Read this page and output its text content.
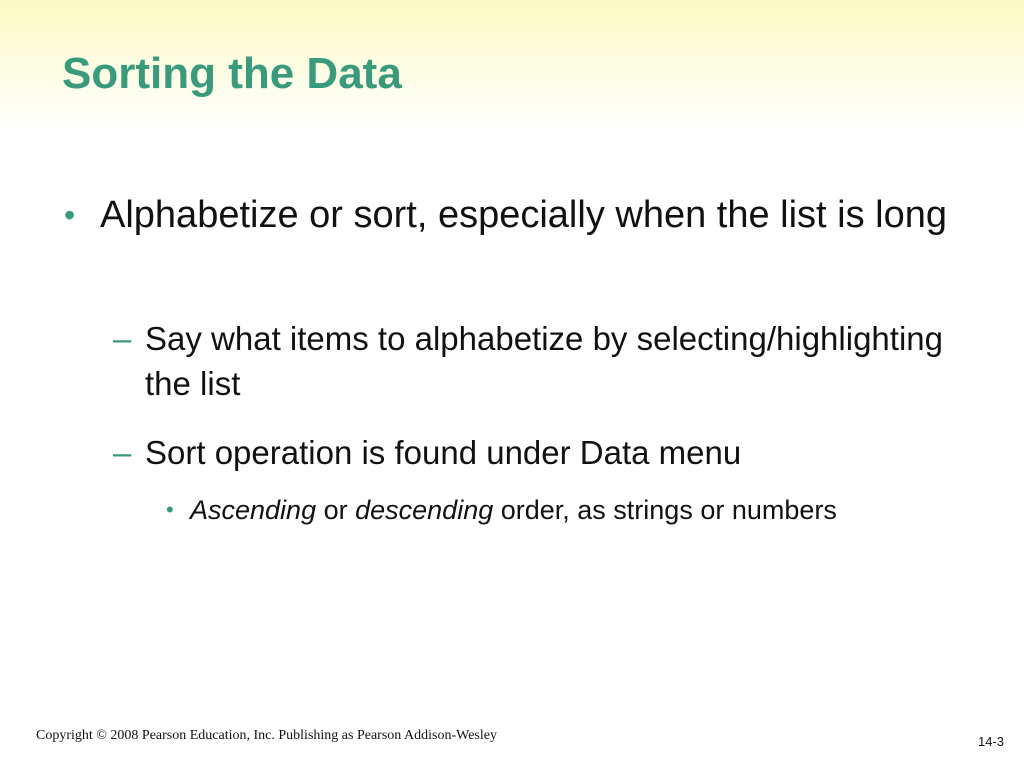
Sorting the Data
• Alphabetize or sort, especially when the list is long
– Say what items to alphabetize by selecting/highlighting the list
– Sort operation is found under Data menu
• Ascending or descending order, as strings or numbers
Copyright © 2008 Pearson Education, Inc. Publishing as Pearson Addison-Wesley	14-3
